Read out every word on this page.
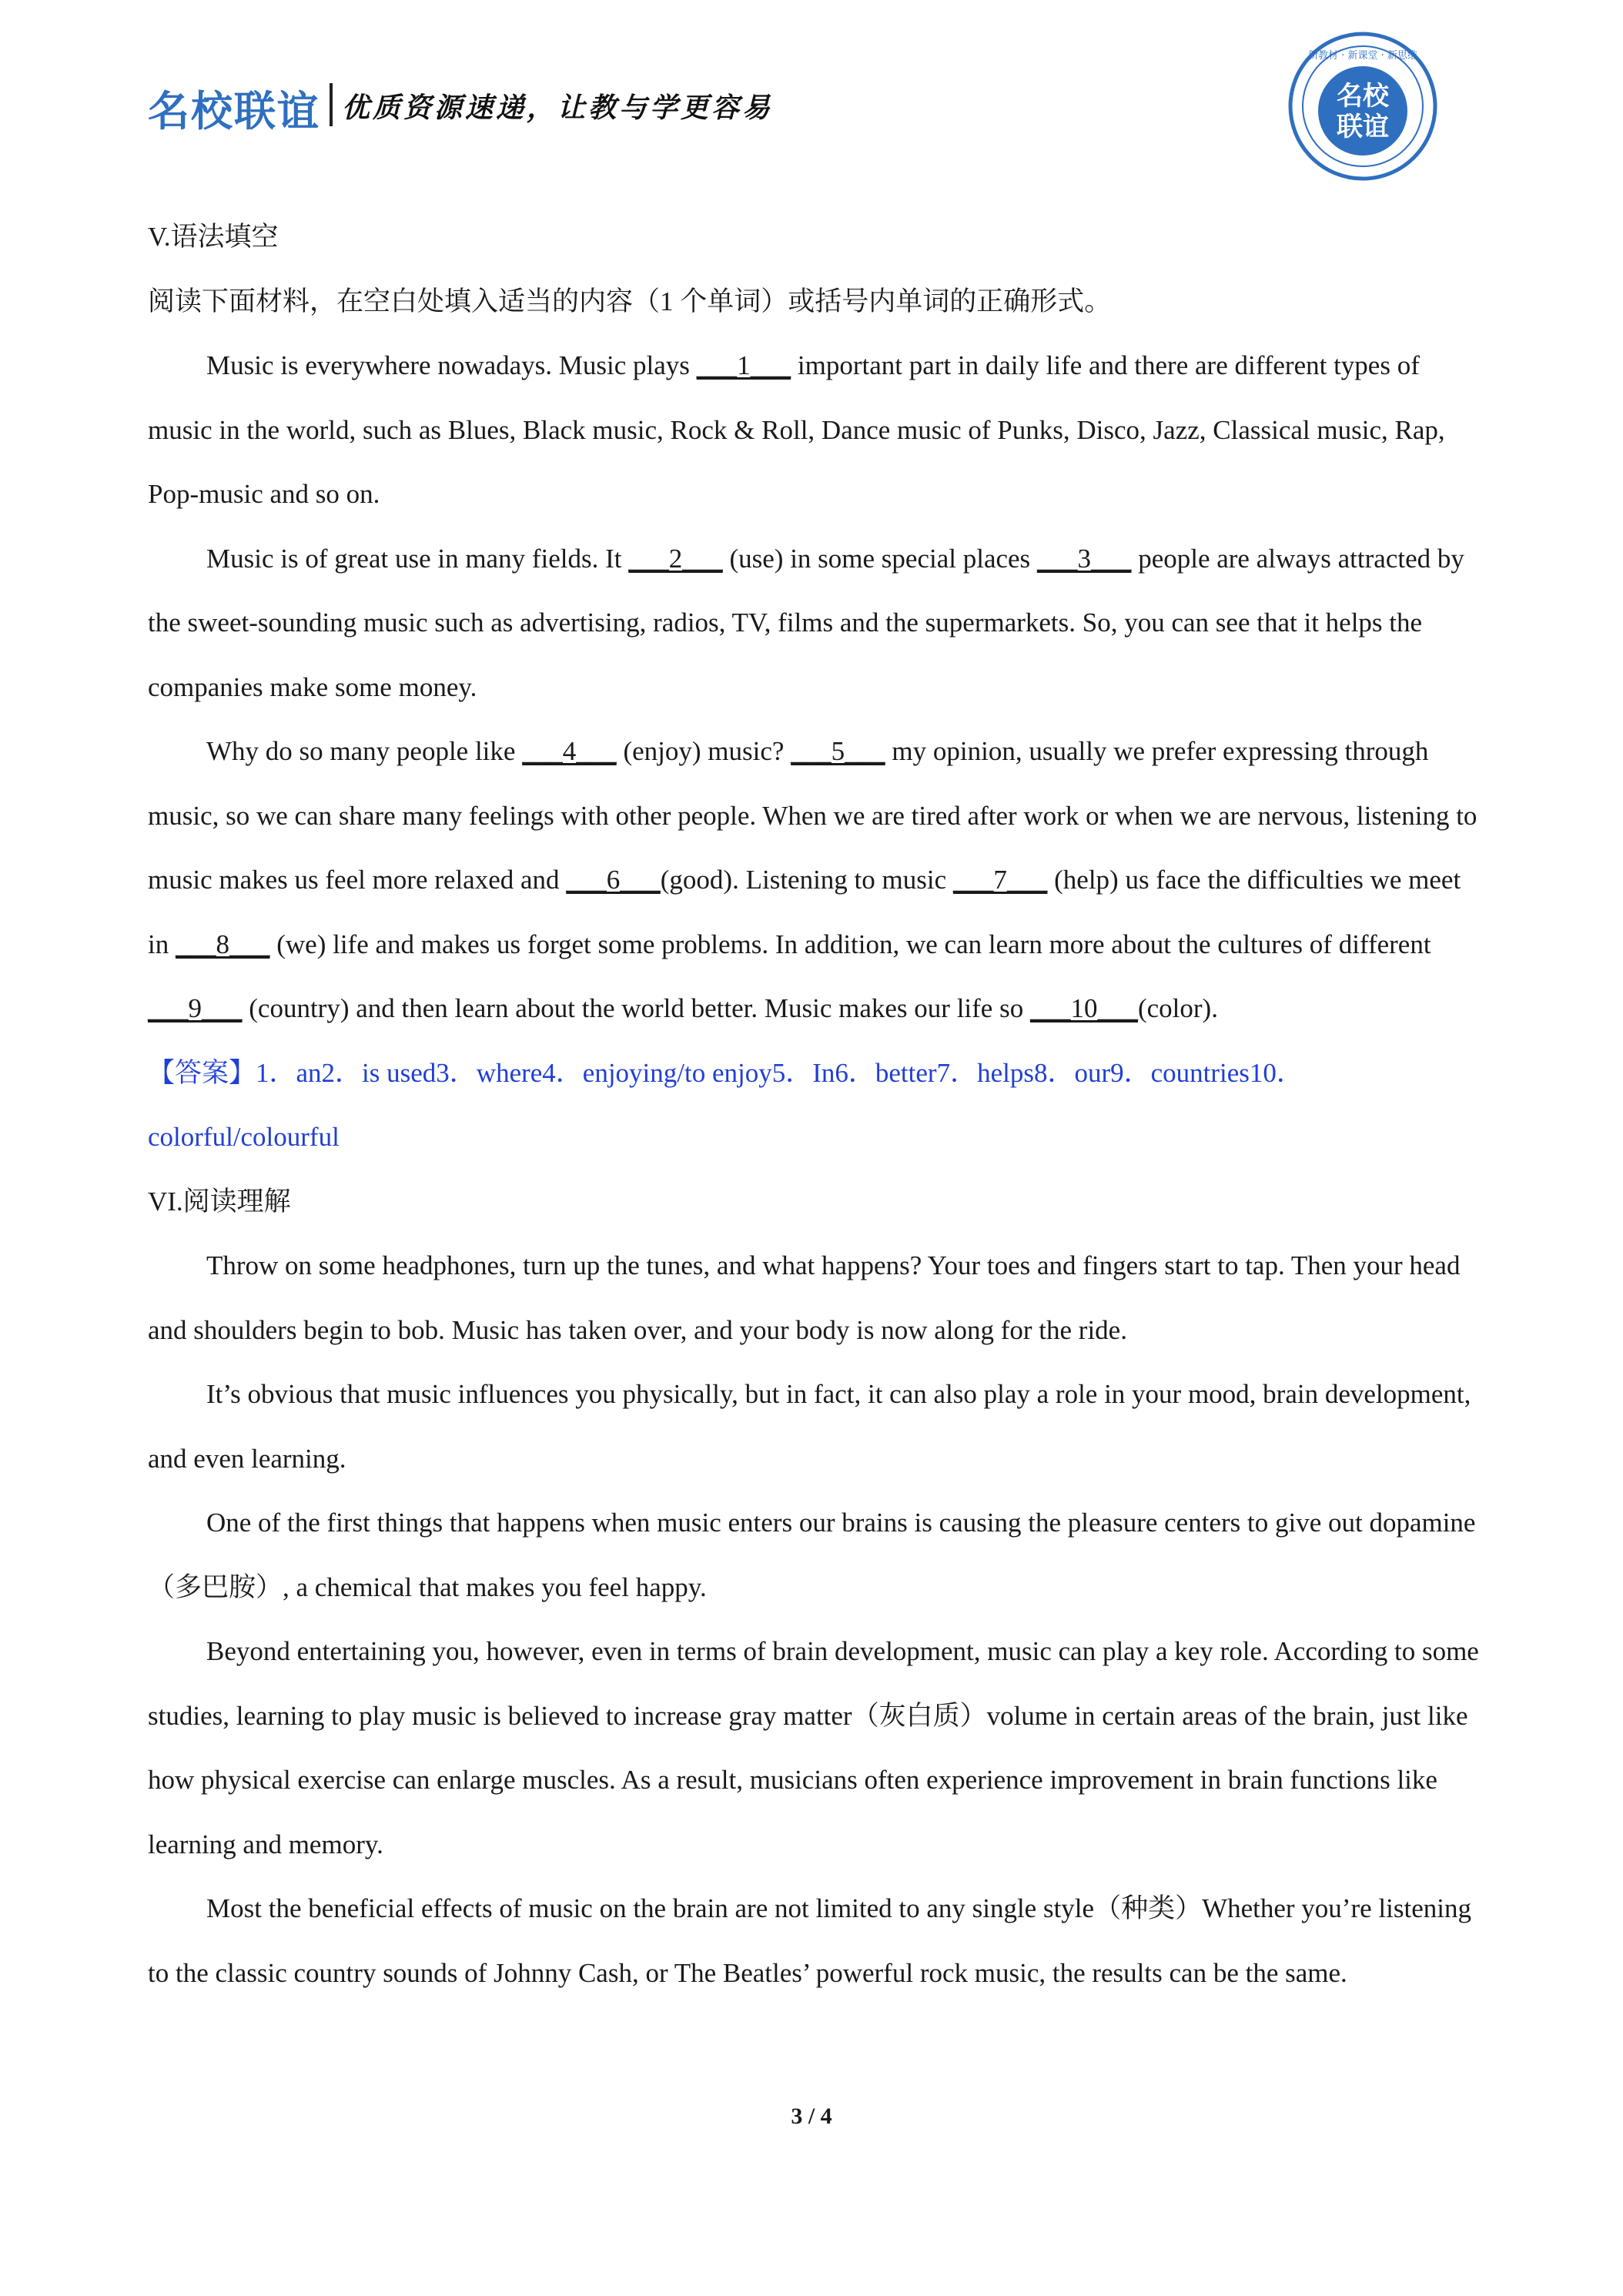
名校联谊 优质资源速递，让教与学更容易	名校
联谊
新教材 · 新课堂 · 新思维

V.语法填空

阅读下面材料，在空白处填入适当的内容（1 个单词）或括号内单词的正确形式。

Music is everywhere nowadays. Music plays ___1___ important part in daily life and there are different types of music in the world, such as Blues, Black music, Rock & Roll, Dance music of Punks, Disco, Jazz, Classical music, Rap, Pop-music and so on.

Music is of great use in many fields. It ___2___ (use) in some special places ___3___ people are always attracted by the sweet-sounding music such as advertising, radios, TV, films and the supermarkets. So, you can see that it helps the companies make some money.

Why do so many people like ___4___ (enjoy) music? ___5___ my opinion, usually we prefer expressing through music, so we can share many feelings with other people. When we are tired after work or when we are nervous, listening to music makes us feel more relaxed and ___6___(good). Listening to music ___7___ (help) us face the difficulties we meet in ___8___ (we) life and makes us forget some problems. In addition, we can learn more about the cultures of different ___9___ (country) and then learn about the world better. Music makes our life so ___10___(color).

【答案】1．an2．is used3．where4．enjoying/to enjoy5．In6．better7．helps8．our9．countries10．colorful/colourful

VI.阅读理解

Throw on some headphones, turn up the tunes, and what happens? Your toes and fingers start to tap. Then your head and shoulders begin to bob. Music has taken over, and your body is now along for the ride.

It’s obvious that music influences you physically, but in fact, it can also play a role in your mood, brain development, and even learning.

One of the first things that happens when music enters our brains is causing the pleasure centers to give out dopamine（多巴胺）, a chemical that makes you feel happy.

Beyond entertaining you, however, even in terms of brain development, music can play a key role. According to some studies, learning to play music is believed to increase gray matter（灰白质）volume in certain areas of the brain, just like how physical exercise can enlarge muscles. As a result, musicians often experience improvement in brain functions like learning and memory.

Most the beneficial effects of music on the brain are not limited to any single style（种类）Whether you’re listening to the classic country sounds of Johnny Cash, or The Beatles’ powerful rock music, the results can be the same.

3 / 4
